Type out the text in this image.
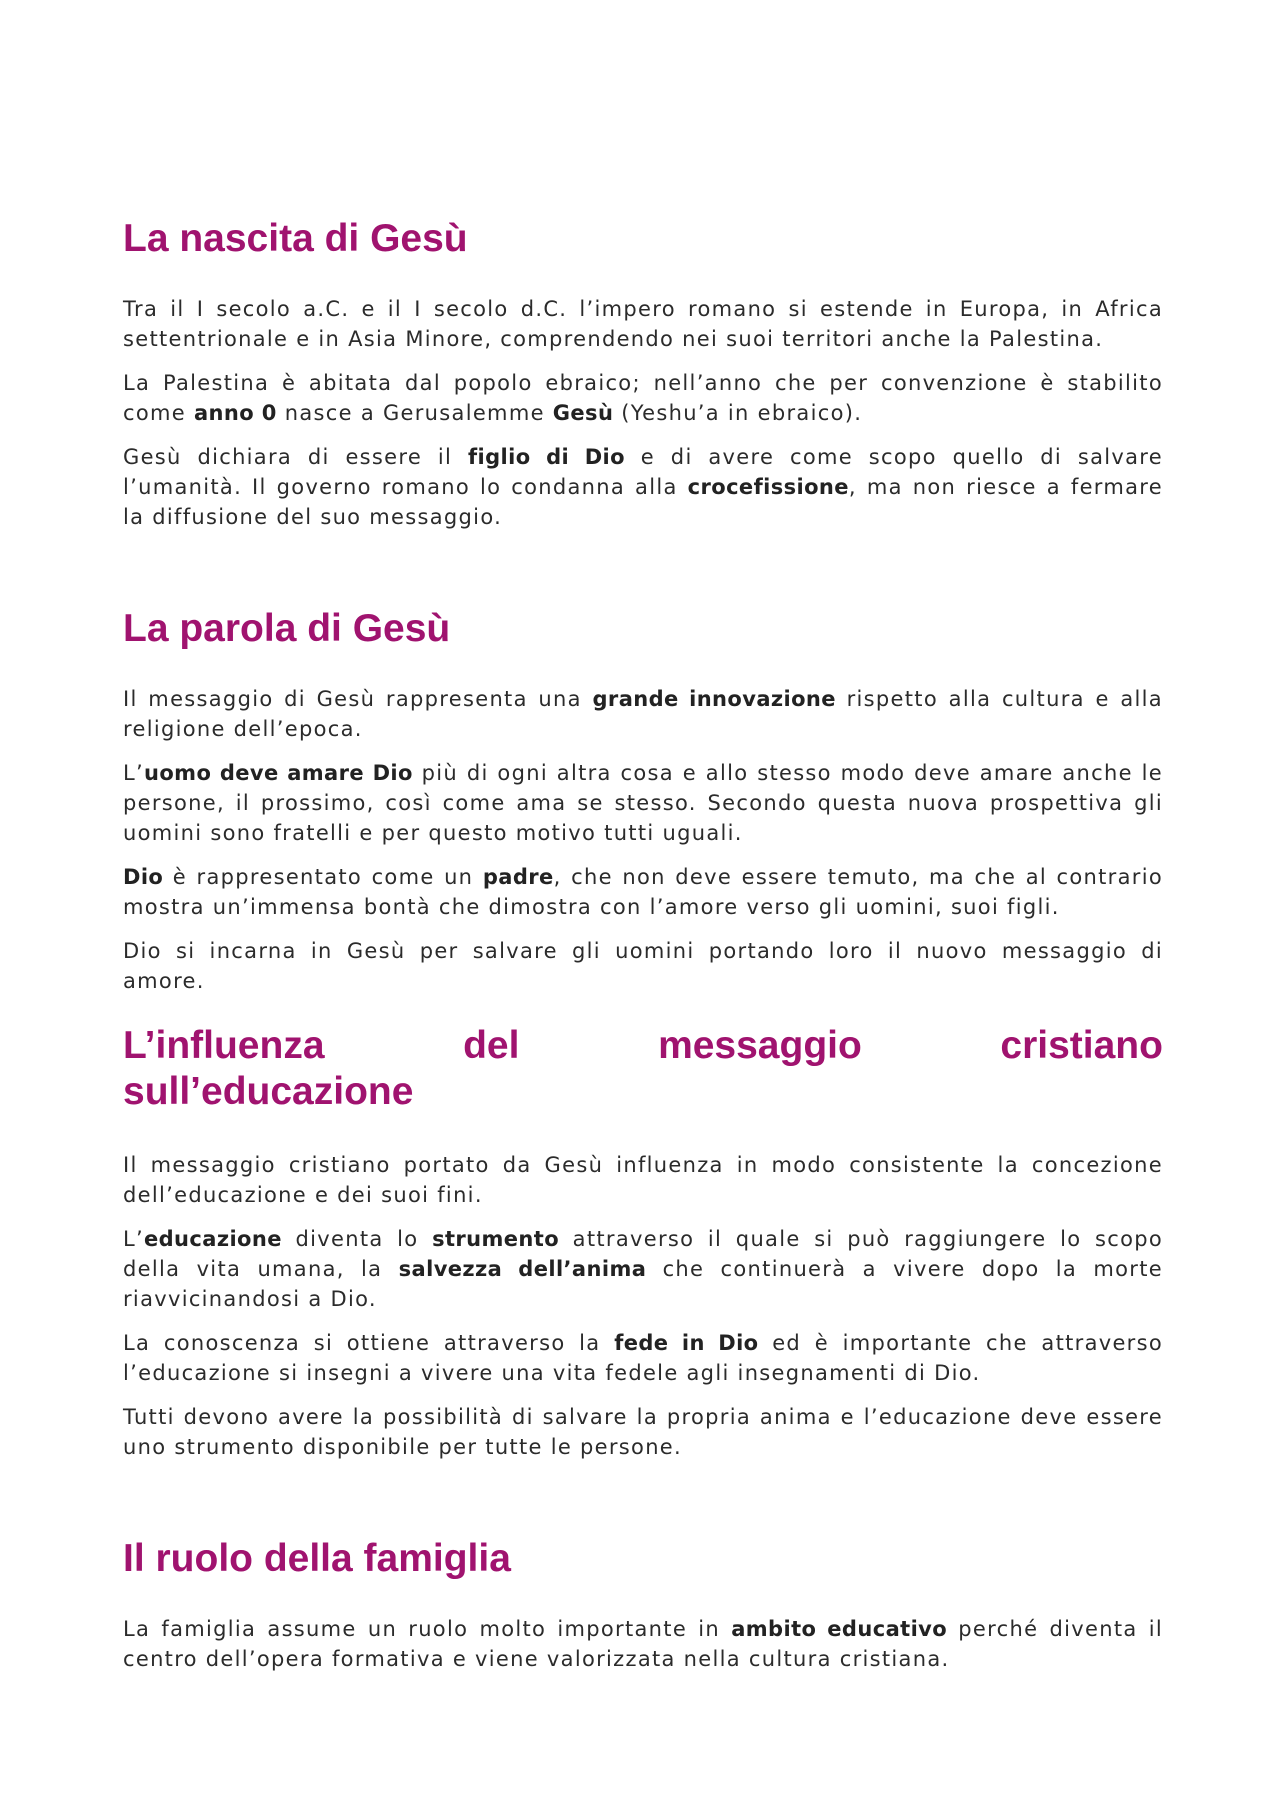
La nascita di Gesù

Tra il I secolo a.C. e il I secolo d.C. l’impero romano si estende in Europa, in Africa settentrionale e in Asia Minore, comprendendo nei suoi territori anche la Palestina.

La Palestina è abitata dal popolo ebraico; nell’anno che per convenzione è stabilito come anno 0 nasce a Gerusalemme Gesù (Yeshu’a in ebraico).

Gesù dichiara di essere il figlio di Dio e di avere come scopo quello di salvare l’umanità. Il governo romano lo condanna alla crocefissione, ma non riesce a fermare la diffusione del suo messaggio.

La parola di Gesù

Il messaggio di Gesù rappresenta una grande innovazione rispetto alla cultura e alla religione dell’epoca.

L’uomo deve amare Dio più di ogni altra cosa e allo stesso modo deve amare anche le persone, il prossimo, così come ama se stesso. Secondo questa nuova prospettiva gli uomini sono fratelli e per questo motivo tutti uguali.

Dio è rappresentato come un padre, che non deve essere temuto, ma che al contrario mostra un’immensa bontà che dimostra con l’amore verso gli uomini, suoi figli.

Dio si incarna in Gesù per salvare gli uomini portando loro il nuovo messaggio di amore.

L’influenza	del	messaggio	cristiano
sull’educazione

Il messaggio cristiano portato da Gesù influenza in modo consistente la concezione dell’educazione e dei suoi fini.

L’educazione diventa lo strumento attraverso il quale si può raggiungere lo scopo della vita umana, la salvezza dell’anima che continuerà a vivere dopo la morte riavvicinandosi a Dio.

La conoscenza si ottiene attraverso la fede in Dio ed è importante che attraverso l’educazione si insegni a vivere una vita fedele agli insegnamenti di Dio.

Tutti devono avere la possibilità di salvare la propria anima e l’educazione deve essere uno strumento disponibile per tutte le persone.

Il ruolo della famiglia

La famiglia assume un ruolo molto importante in ambito educativo perché diventa il centro dell’opera formativa e viene valorizzata nella cultura cristiana.
